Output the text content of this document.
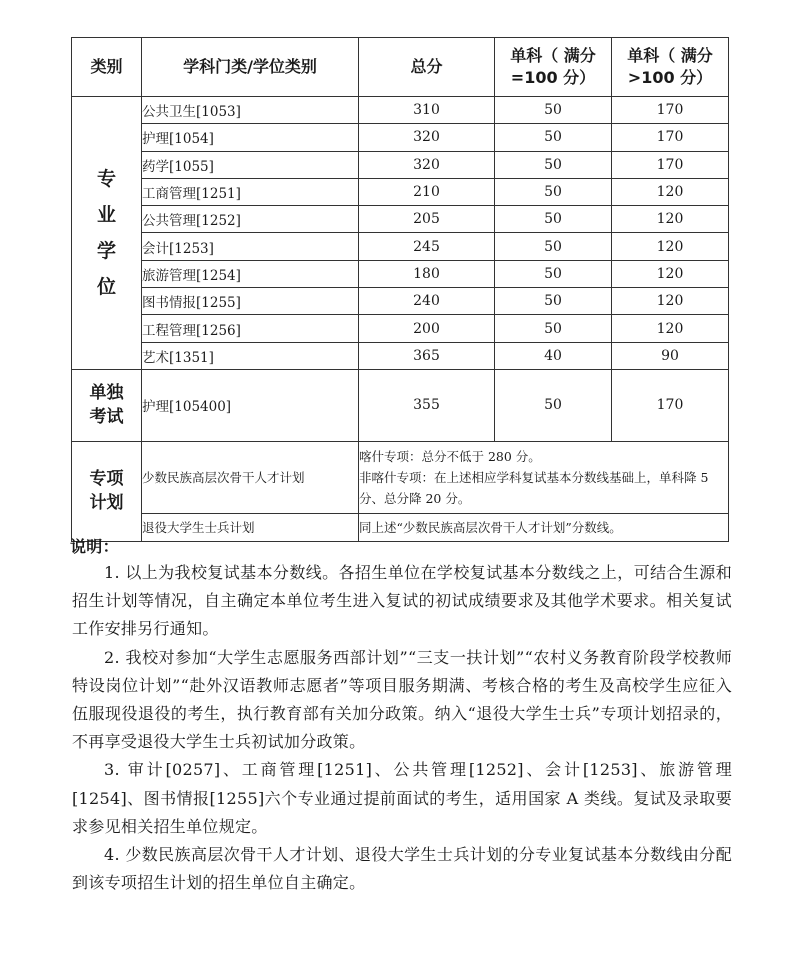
类别	学科门类/学位类别	总分	单科（ 满分=100 分）	单科（ 满分>100 分）
专业学位	公共卫生[1053]	310	50	170
	护理[1054]	320	50	170
	药学[1055]	320	50	170
	工商管理[1251]	210	50	120
	公共管理[1252]	205	50	120
	会计[1253]	245	50	120
	旅游管理[1254]	180	50	120
	图书情报[1255]	240	50	120
	工程管理[1256]	200	50	120
	艺术[1351]	365	40	90
单独考试	护理[105400]	355	50	170
专项计划	少数民族高层次骨干人才计划	喀什专项：总分不低于 280 分。
非喀什专项：在上述相应学科复试基本分数线基础上，单科降 5 分、总分降 20 分。		

	退役大学生士兵计划	同上述“少数民族高层次骨干人才计划”分数线。		
说明：

1. 以上为我校复试基本分数线。各招生单位在学校复试基本分数线之上，可结合生源和招生计划等情况，自主确定本单位考生进入复试的初试成绩要求及其他学术要求。相关复试工作安排另行通知。

2. 我校对参加“大学生志愿服务西部计划”“三支一扶计划”“农村义务教育阶段学校教师特设岗位计划”“赴外汉语教师志愿者”等项目服务期满、考核合格的考生及高校学生应征入伍服现役退役的考生，执行教育部有关加分政策。纳入“退役大学生士兵”专项计划招录的，不再享受退役大学生士兵初试加分政策。

3. 审计[0257]、工商管理[1251]、公共管理[1252]、会计[1253]、旅游管理[1254]、图书情报[1255]六个专业通过提前面试的考生，适用国家 A 类线。复试及录取要求参见相关招生单位规定。

4. 少数民族高层次骨干人才计划、退役大学生士兵计划的分专业复试基本分数线由分配到该专项招生计划的招生单位自主确定。
